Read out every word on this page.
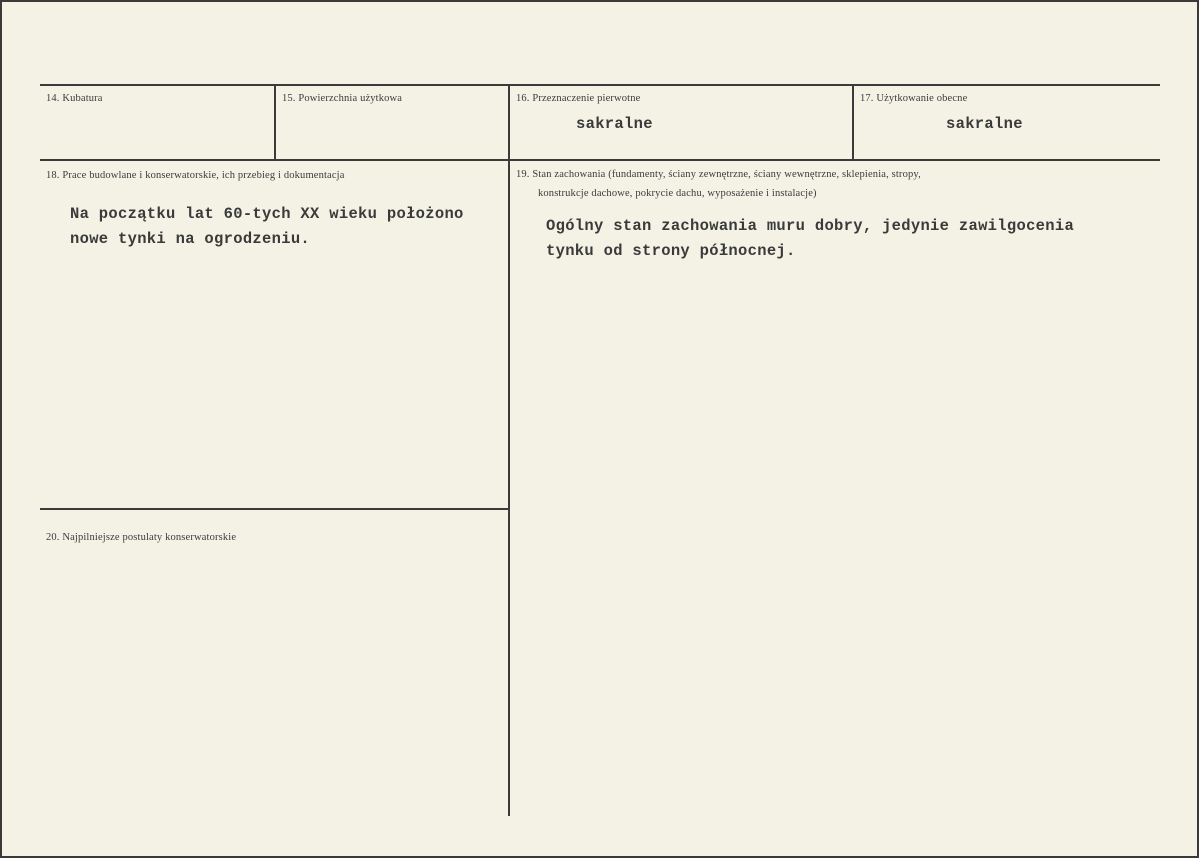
14. Kubatura	15. Powierzchnia użytkowa	16. Przeznaczenie pierwotne
sakralne
17. Użytkowanie obecne
sakralne
18. Prace budowlane i konserwatorskie, ich przebieg i dokumentacja
Na początku lat 60-tych XX wieku położono
nowe tynki na ogrodzeniu.
19. Stan zachowania (fundamenty, ściany zewnętrzne, ściany wewnętrzne, sklepienia, stropy,
konstrukcje dachowe, pokrycie dachu, wyposażenie i instalacje)
Ogólny stan zachowania muru dobry, jedynie zawilgocenia
tynku od strony północnej.
20. Najpilniejsze postulaty konserwatorskie
